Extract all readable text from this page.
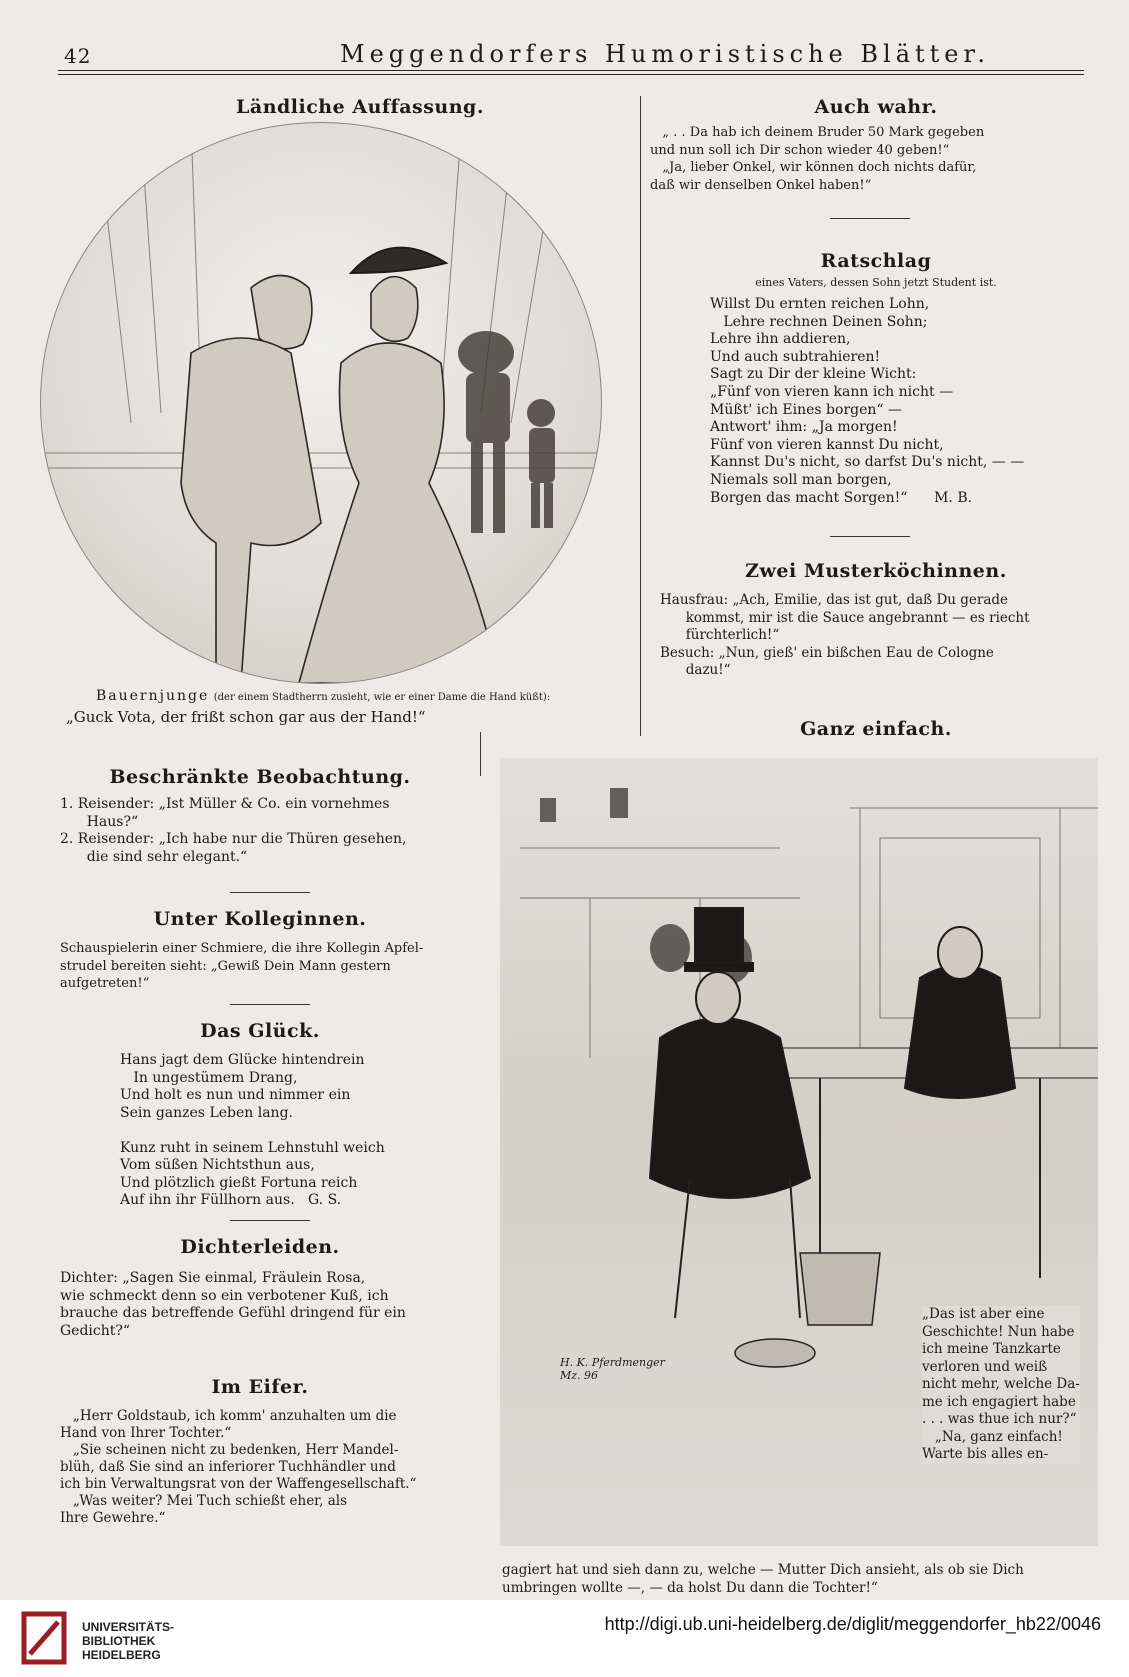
42	Meggendorfers Humoristische Blätter.
Ländliche Auffassung.
Bauernjunge (der einem Stadtherrn zusieht, wie er einer Dame die Hand küßt):
„Guck Vota, der frißt schon gar aus der Hand!“
Beschränkte Beobachtung.
1. Reisender: „Ist Müller & Co. ein vornehmes
Haus?“
2. Reisender: „Ich habe nur die Thüren gesehen,
die sind sehr elegant.“
Unter Kolleginnen.
Schauspielerin einer Schmiere, die ihre Kollegin Apfel-
strudel bereiten sieht: „Gewiß Dein Mann gestern
aufgetreten!“
Das Glück.
Hans jagt dem Glücke hintendrein
In ungestümem Drang,
Und holt es nun und nimmer ein
Sein ganzes Leben lang.

Kunz ruht in seinem Lehnstuhl weich
Vom süßen Nichtsthun aus,
Und plötzlich gießt Fortuna reich
Auf ihn ihr Füllhorn aus.   G. S.
Dichterleiden.
Dichter: „Sagen Sie einmal, Fräulein Rosa,
wie schmeckt denn so ein verbotener Kuß, ich
brauche das betreffende Gefühl dringend für ein
Gedicht?“
Im Eifer.
„Herr Goldstaub, ich komm' anzuhalten um die
Hand von Ihrer Tochter.“
„Sie scheinen nicht zu bedenken, Herr Mandel-
blüh, daß Sie sind an inferiorer Tuchhändler und
ich bin Verwaltungsrat von der Waffengesellschaft.“
„Was weiter? Mei Tuch schießt eher, als
Ihre Gewehre.“
Auch wahr.
„ . . Da hab ich deinem Bruder 50 Mark gegeben
und nun soll ich Dir schon wieder 40 geben!“
„Ja, lieber Onkel, wir können doch nichts dafür,
daß wir denselben Onkel haben!“
Ratschlag
eines Vaters, dessen Sohn jetzt Student ist.
Willst Du ernten reichen Lohn,
Lehre rechnen Deinen Sohn;
Lehre ihn addieren,
Und auch subtrahieren!
Sagt zu Dir der kleine Wicht:
„Fünf von vieren kann ich nicht —
Müßt' ich Eines borgen“ —
Antwort' ihm: „Ja morgen!
Fünf von vieren kannst Du nicht,
Kannst Du's nicht, so darfst Du's nicht, — —
Niemals soll man borgen,
Borgen das macht Sorgen!“      M. B.
Zwei Musterköchinnen.
Hausfrau: „Ach, Emilie, das ist gut, daß Du gerade
kommst, mir ist die Sauce angebrannt — es riecht
fürchterlich!“
Besuch: „Nun, gieß' ein bißchen Eau de Cologne
dazu!“
Ganz einfach.
H. K. Pferdmenger
Mz. 96
„Das ist aber eine
Geschichte! Nun habe
ich meine Tanzkarte
verloren und weiß
nicht mehr, welche Da-
me ich engagiert habe
. . . was thue ich nur?“
„Na, ganz einfach!
Warte bis alles en-
gagiert hat und sieh dann zu, welche — Mutter Dich ansieht, als ob sie Dich
umbringen wollte —, — da holst Du dann die Tochter!“
UNIVERSITÄTS-
BIBLIOTHEK
HEIDELBERG
http://digi.ub.uni-heidelberg.de/diglit/meggendorfer_hb22/0046
